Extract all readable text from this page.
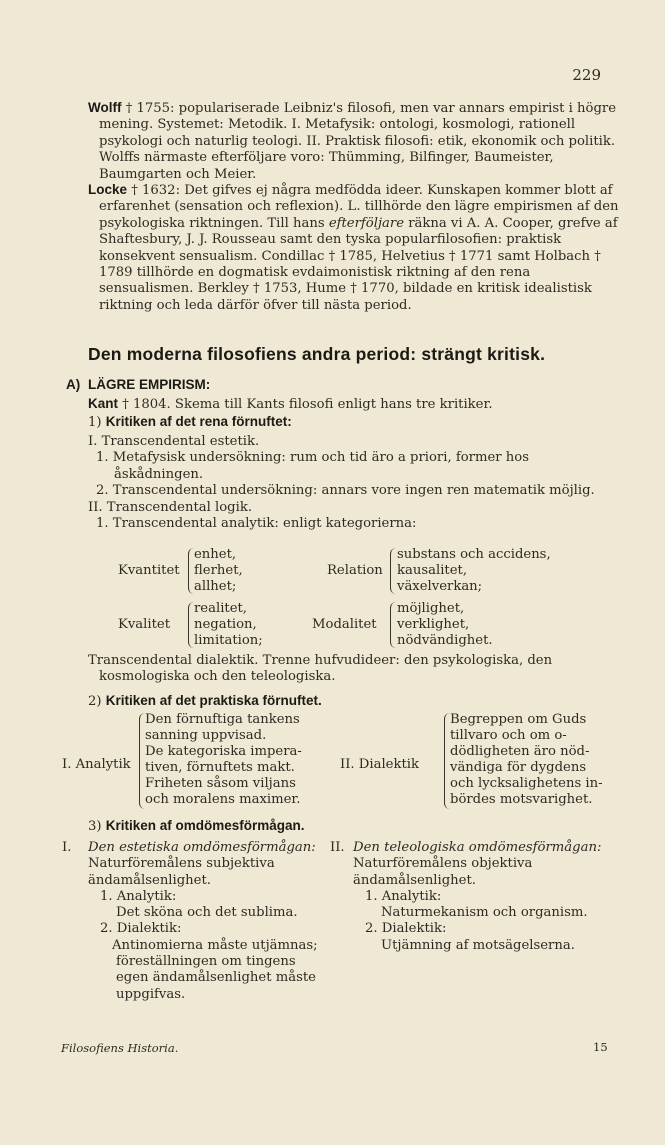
229

Wolff † 1755: populariserade Leibniz's filosofi, men var annars empirist i högre mening. Systemet: Metodik. I. Metafysik: ontologi, kosmologi, rationell psykologi och naturlig teologi. II. Praktisk filosofi: etik, ekonomik och politik. Wolffs närmaste efterföljare voro: Thümming, Bilfinger, Baumeister, Baumgarten och Meier.

Locke † 1632: Det gifves ej några medfödda ideer. Kunskapen kommer blott af erfarenhet (sensation och reflexion). L. tillhörde den lägre empirismen af den psykologiska riktningen. Till hans efterföljare räkna vi A. A. Cooper, grefve af Shaftesbury, J. J. Rousseau samt den tyska popularfilosofien: praktisk konsekvent sensualism. Condillac † 1785, Helvetius † 1771 samt Holbach † 1789 tillhörde en dogmatisk evdaimonistisk riktning af den rena sensualismen. Berkley † 1753, Hume † 1770, bildade en kritisk idealistisk riktning och leda därför öfver till nästa period.

Den moderna filosofiens andra period: strängt kritisk.
A) LÄGRE EMPIRISM:

Kant † 1804. Skema till Kants filosofi enligt hans tre kritiker.

1) Kritiken af det rena förnuftet:

I. Transcendental estetik.

1. Metafysisk undersökning: rum och tid äro a priori, former hos åskådningen.

2. Transcendental undersökning: annars vore ingen ren matematik möjlig.

II. Transcendental logik.

1. Transcendental analytik: enligt kategorierna:

Kvantitet
enhet,
flerhet,
allhet;
Relation
substans och accidens,
kausalitet,
växelverkan;
Kvalitet
realitet,
negation,
limitation;
Modalitet
möjlighet,
verklighet,
nödvändighet.

Transcendental dialektik. Trenne hufvudideer: den psykologiska, den kosmologiska och den teleologiska.

2) Kritiken af det praktiska förnuftet.

I. Analytik
Den förnuftiga tankens
sanning uppvisad.
De kategoriska impera-
tiven, förnuftets makt.
Friheten såsom viljans
och moralens maximer.
II. Dialektik
Begreppen om Guds
tillvaro och om o-
dödligheten äro nöd-
vändiga för dygdens
och lycksalighetens in-
bördes motsvarighet.

3) Kritiken af omdömesförmågan.

I. Den estetiska omdömesförmågan:
Naturföremålens subjektiva ändamålsenlighet.
1. Analytik:
Det sköna och det sublima.
2. Dialektik:
Antinomierna måste utjämnas; föreställningen om tingens egen ändamålsenlighet måste uppgifvas.
II. Den teleologiska omdömesförmågan:
Naturföremålens objektiva ändamålsenlighet.
1. Analytik:
Naturmekanism och organism.
2. Dialektik:
Utjämning af motsägelserna.
Filosofiens Historia.	15
